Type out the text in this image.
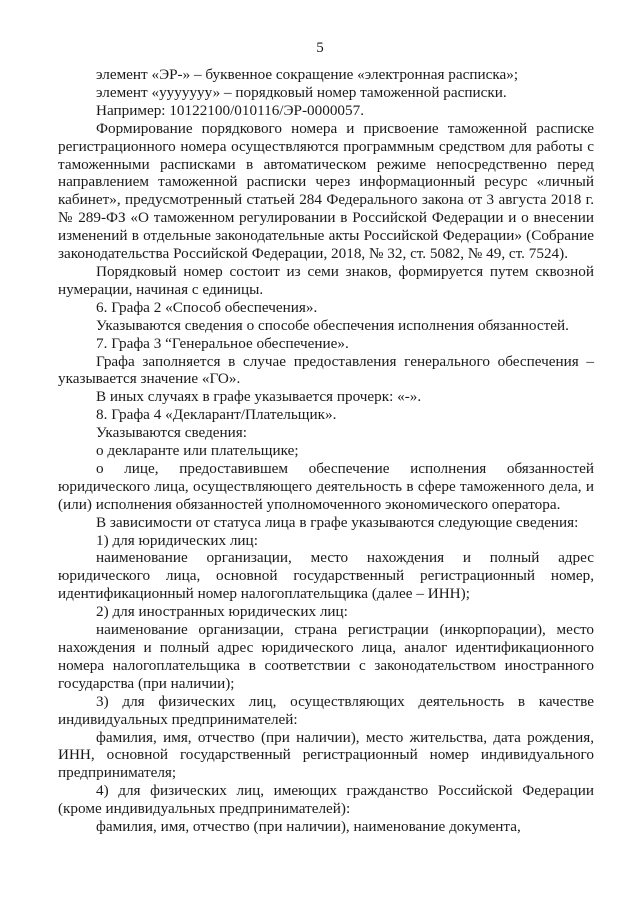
5

элемент «ЭР-» – буквенное сокращение «электронная расписка»;

элемент «ууууууу» – порядковый номер таможенной расписки.

Например: 10122100/010116/ЭР-0000057.

Формирование порядкового номера и присвоение таможенной расписке регистрационного номера осуществляются программным средством для работы с таможенными расписками в автоматическом режиме непосредственно перед направлением таможенной расписки через информационный ресурс «личный кабинет», предусмотренный статьей 284 Федерального закона от 3 августа 2018 г. № 289-ФЗ «О таможенном регулировании в Российской Федерации и о внесении изменений в отдельные законодательные акты Российской Федерации» (Собрание законодательства Российской Федерации, 2018, № 32, ст. 5082, № 49, ст. 7524).

Порядковый номер состоит из семи знаков, формируется путем сквозной нумерации, начиная с единицы.

6. Графа 2 «Способ обеспечения».

Указываются сведения о способе обеспечения исполнения обязанностей.

7. Графа 3 “Генеральное обеспечение».

Графа заполняется в случае предоставления генерального обеспечения – указывается значение «ГО».

В иных случаях в графе указывается прочерк: «-».

8. Графа 4 «Декларант/Плательщик».

Указываются сведения:

о декларанте или плательщике;

о лице, предоставившем обеспечение исполнения обязанностей юридического лица, осуществляющего деятельность в сфере таможенного дела, и (или) исполнения обязанностей уполномоченного экономического оператора.

В зависимости от статуса лица в графе указываются следующие сведения:

1) для юридических лиц:

наименование организации, место нахождения и полный адрес юридического лица, основной государственный регистрационный номер, идентификационный номер налогоплательщика (далее – ИНН);

2) для иностранных юридических лиц:

наименование организации, страна регистрации (инкорпорации), место нахождения и полный адрес юридического лица, аналог идентификационного номера налогоплательщика в соответствии с законодательством иностранного государства (при наличии);

3) для физических лиц, осуществляющих деятельность в качестве индивидуальных предпринимателей:

фамилия, имя, отчество (при наличии), место жительства, дата рождения, ИНН, основной государственный регистрационный номер индивидуального предпринимателя;

4) для физических лиц, имеющих гражданство Российской Федерации (кроме индивидуальных предпринимателей):

фамилия, имя, отчество (при наличии), наименование документа,
